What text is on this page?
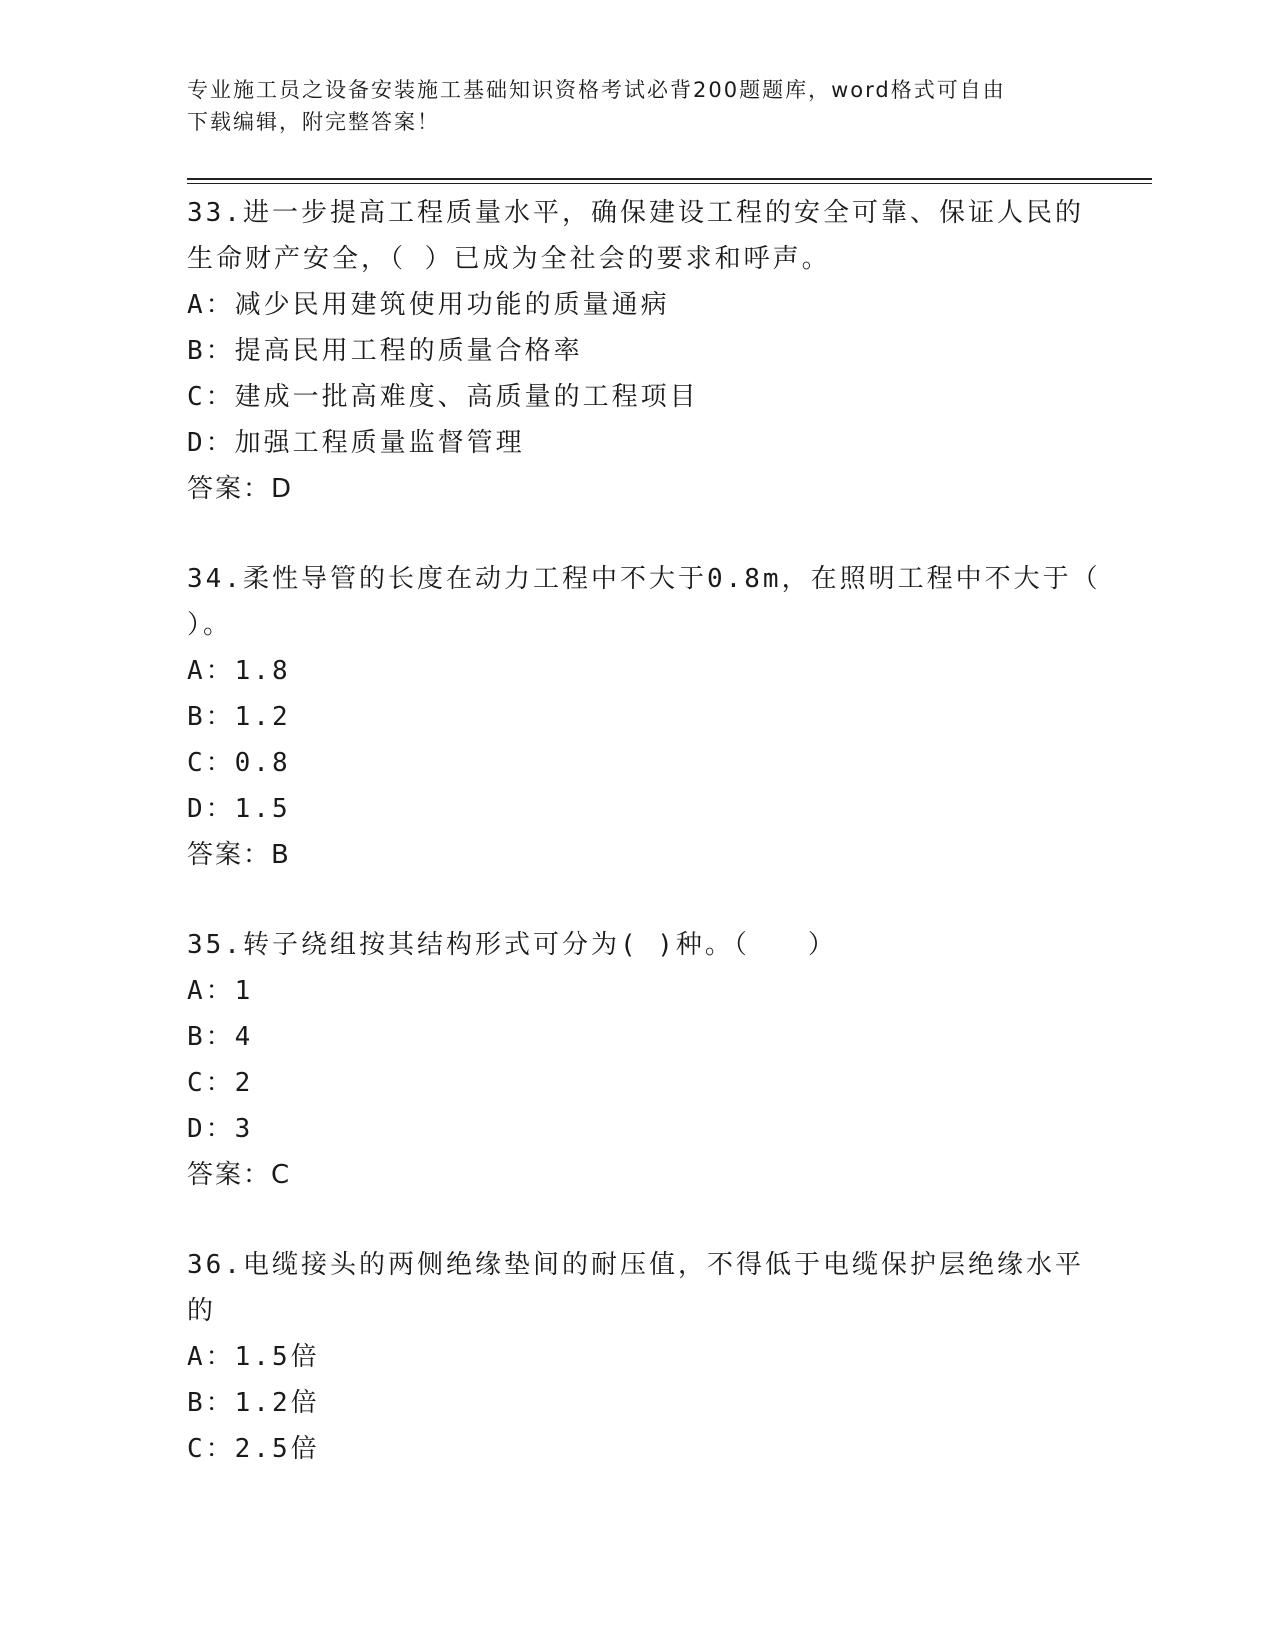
专业施工员之设备安装施工基础知识资格考试必背200题题库，word格式可自由
下载编辑，附完整答案！
33.进一步提高工程质量水平，确保建设工程的安全可靠、保证人民的
生命财产安全，（ ）已成为全社会的要求和呼声。
A：减少民用建筑使用功能的质量通病
B：提高民用工程的质量合格率
C：建成一批高难度、高质量的工程项目
D：加强工程质量监督管理
答案：D
34.柔性导管的长度在动力工程中不大于0.8m，在照明工程中不大于（
）。
A：1.8
B：1.2
C：0.8
D：1.5
答案：B
35.转子绕组按其结构形式可分为( )种。（　　）
A：1
B：4
C：2
D：3
答案：C
36.电缆接头的两侧绝缘垫间的耐压值，不得低于电缆保护层绝缘水平
的
A：1.5倍
B：1.2倍
C：2.5倍
